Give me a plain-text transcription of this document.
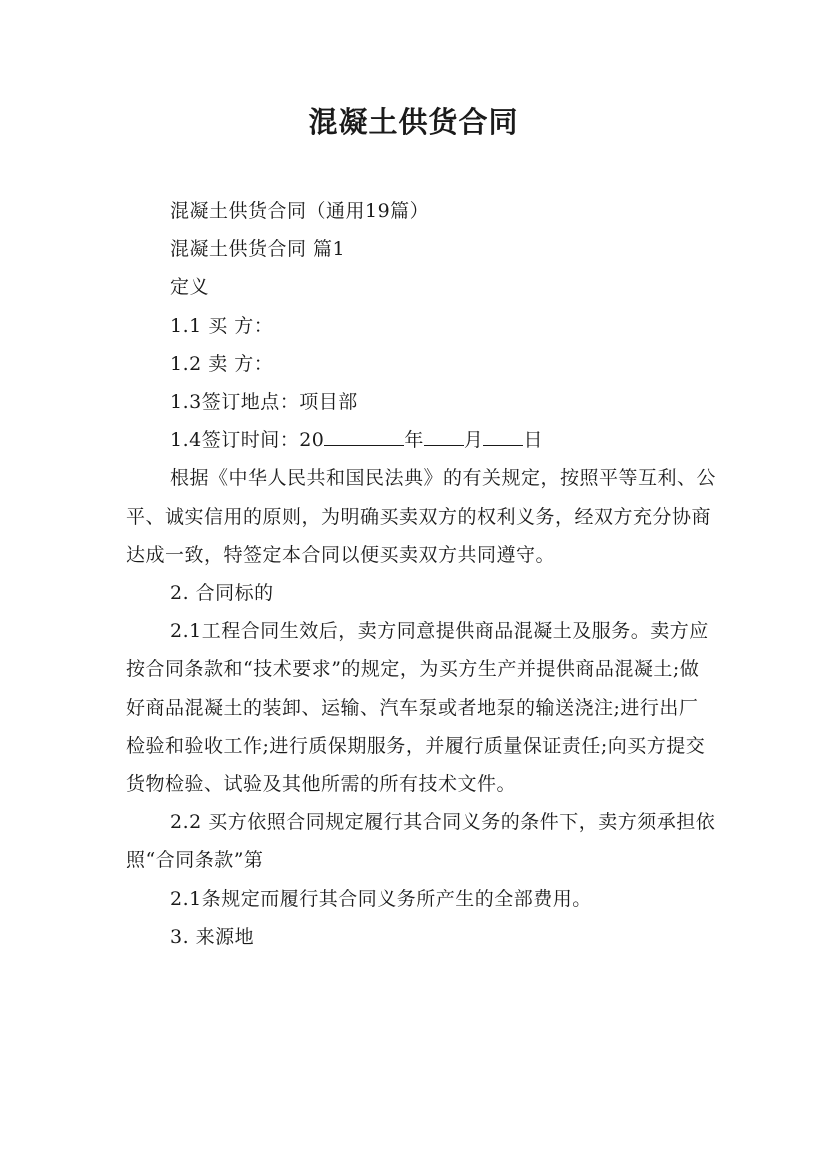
混凝土供货合同

混凝土供货合同（通用19篇）

混凝土供货合同 篇1

定义

1.1 买 方：

1.2 卖 方：

1.3签订地点：项目部

1.4签订时间：20	年 月 日

根据《中华人民共和国民法典》的有关规定，按照平等互利、公平、诚实信用的原则，为明确买卖双方的权利义务，经双方充分协商达成一致，特签定本合同以便买卖双方共同遵守。

2. 合同标的

2.1工程合同生效后，卖方同意提供商品混凝土及服务。卖方应按合同条款和“技术要求”的规定，为买方生产并提供商品混凝土;做好商品混凝土的装卸、运输、汽车泵或者地泵的输送浇注;进行出厂检验和验收工作;进行质保期服务，并履行质量保证责任;向买方提交货物检验、试验及其他所需的所有技术文件。

2.2 买方依照合同规定履行其合同义务的条件下，卖方须承担依照“合同条款”第

2.1条规定而履行其合同义务所产生的全部费用。

3. 来源地
